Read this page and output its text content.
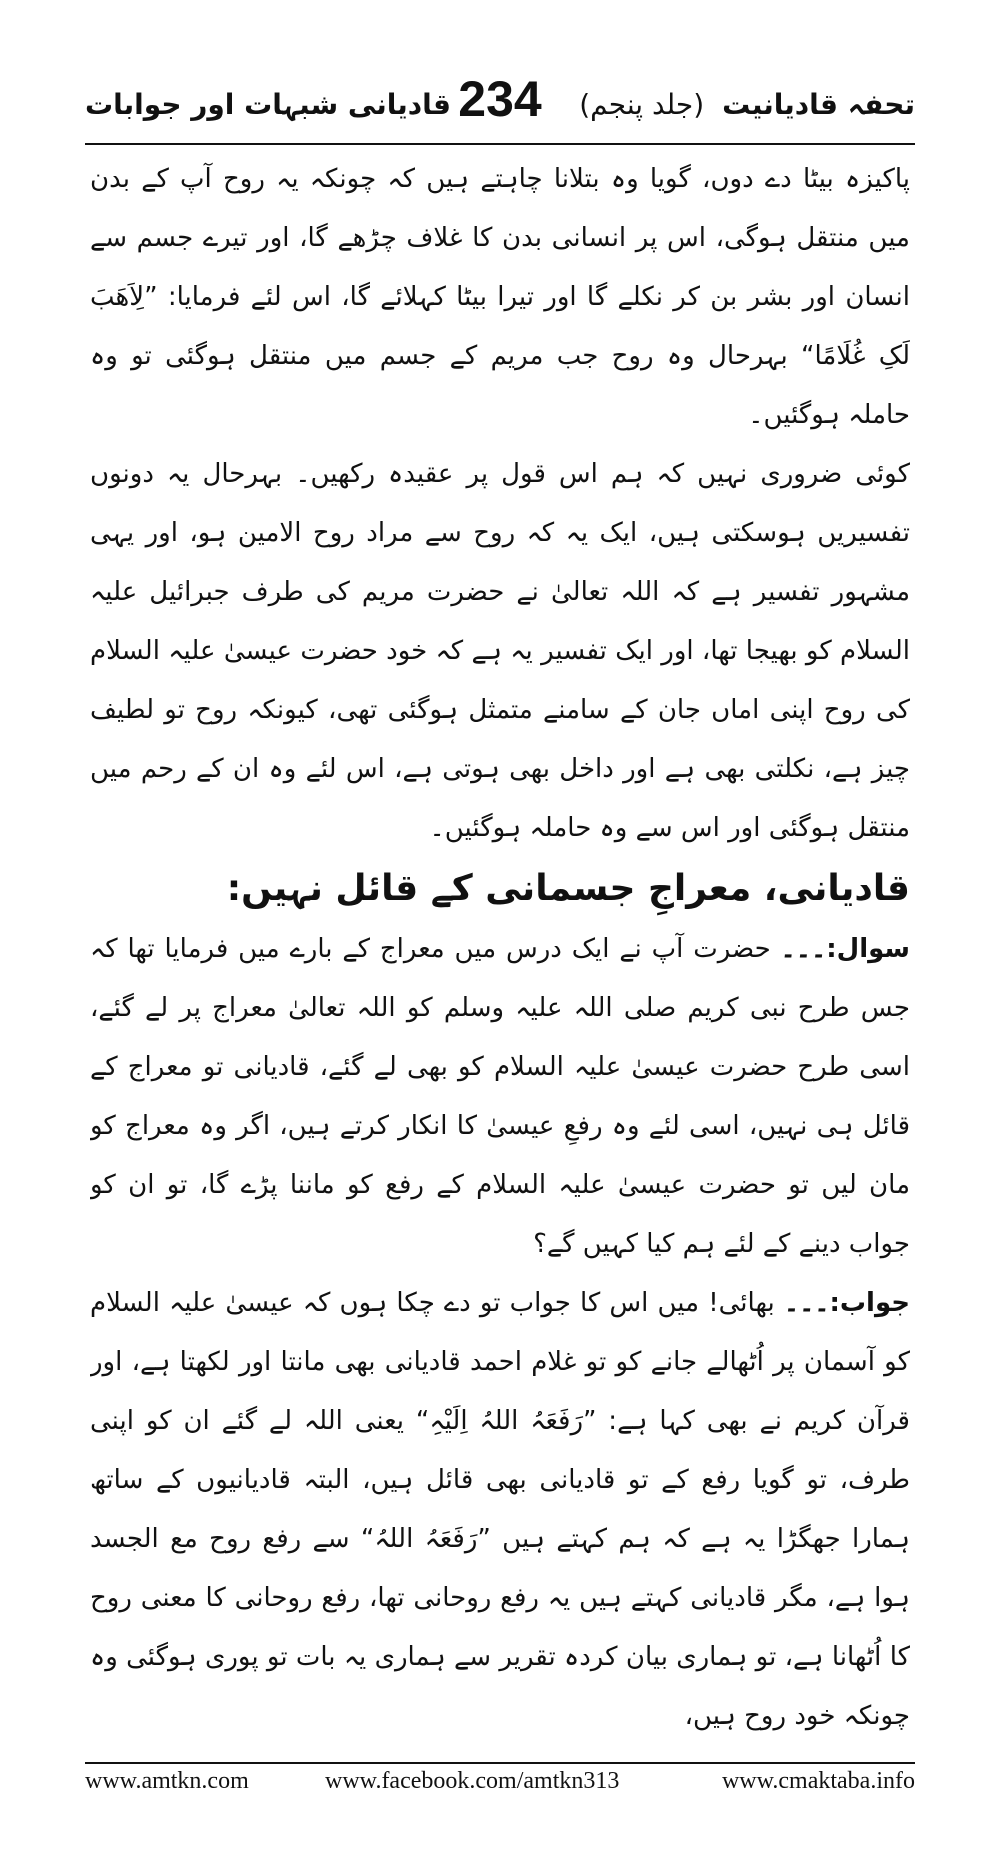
تحفہ قادیانیت(جلد پنجم)
234
قادیانی شبہات اور جوابات

پاکیزہ بیٹا دے دوں، گویا وہ بتلانا چاہتے ہیں کہ چونکہ یہ روح آپ کے بدن میں منتقل ہوگی، اس پر انسانی بدن کا غلاف چڑھے گا، اور تیرے جسم سے انسان اور بشر بن کر نکلے گا اور تیرا بیٹا کہلائے گا، اس لئے فرمایا: ”لِاَھَبَ لَکِ غُلَامًا“ بہرحال وہ روح جب مریم کے جسم میں منتقل ہوگئی تو وہ حاملہ ہوگئیں۔

کوئی ضروری نہیں کہ ہم اس قول پر عقیدہ رکھیں۔ بہرحال یہ دونوں تفسیریں ہوسکتی ہیں، ایک یہ کہ روح سے مراد روح الامین ہو، اور یہی مشہور تفسیر ہے کہ اللہ تعالیٰ نے حضرت مریم کی طرف جبرائیل علیہ السلام کو بھیجا تھا، اور ایک تفسیر یہ ہے کہ خود حضرت عیسیٰ علیہ السلام کی روح اپنی اماں جان کے سامنے متمثل ہوگئی تھی، کیونکہ روح تو لطیف چیز ہے، نکلتی بھی ہے اور داخل بھی ہوتی ہے، اس لئے وہ ان کے رحم میں منتقل ہوگئی اور اس سے وہ حاملہ ہوگئیں۔

قادیانی، معراجِ جسمانی کے قائل نہیں:

سوال:۔۔۔ حضرت آپ نے ایک درس میں معراج کے بارے میں فرمایا تھا کہ جس طرح نبی کریم صلی اللہ علیہ وسلم کو اللہ تعالیٰ معراج پر لے گئے، اسی طرح حضرت عیسیٰ علیہ السلام کو بھی لے گئے، قادیانی تو معراج کے قائل ہی نہیں، اسی لئے وہ رفعِ عیسیٰ کا انکار کرتے ہیں، اگر وہ معراج کو مان لیں تو حضرت عیسیٰ علیہ السلام کے رفع کو ماننا پڑے گا، تو ان کو جواب دینے کے لئے ہم کیا کہیں گے؟

جواب:۔۔۔ بھائی! میں اس کا جواب تو دے چکا ہوں کہ عیسیٰ علیہ السلام کو آسمان پر اُٹھالے جانے کو تو غلام احمد قادیانی بھی مانتا اور لکھتا ہے، اور قرآن کریم نے بھی کہا ہے: ”رَفَعَہُ اللہُ اِلَیْہِ“ یعنی اللہ لے گئے ان کو اپنی طرف، تو گویا رفع کے تو قادیانی بھی قائل ہیں، البتہ قادیانیوں کے ساتھ ہمارا جھگڑا یہ ہے کہ ہم کہتے ہیں ”رَفَعَہُ اللہُ“ سے رفع روح مع الجسد ہوا ہے، مگر قادیانی کہتے ہیں یہ رفع روحانی تھا، رفع روحانی کا معنی روح کا اُٹھانا ہے، تو ہماری بیان کردہ تقریر سے ہماری یہ بات تو پوری ہوگئی وہ چونکہ خود روح ہیں،

www.amtkn.com	www.facebook.com/amtkn313	www.cmaktaba.info
